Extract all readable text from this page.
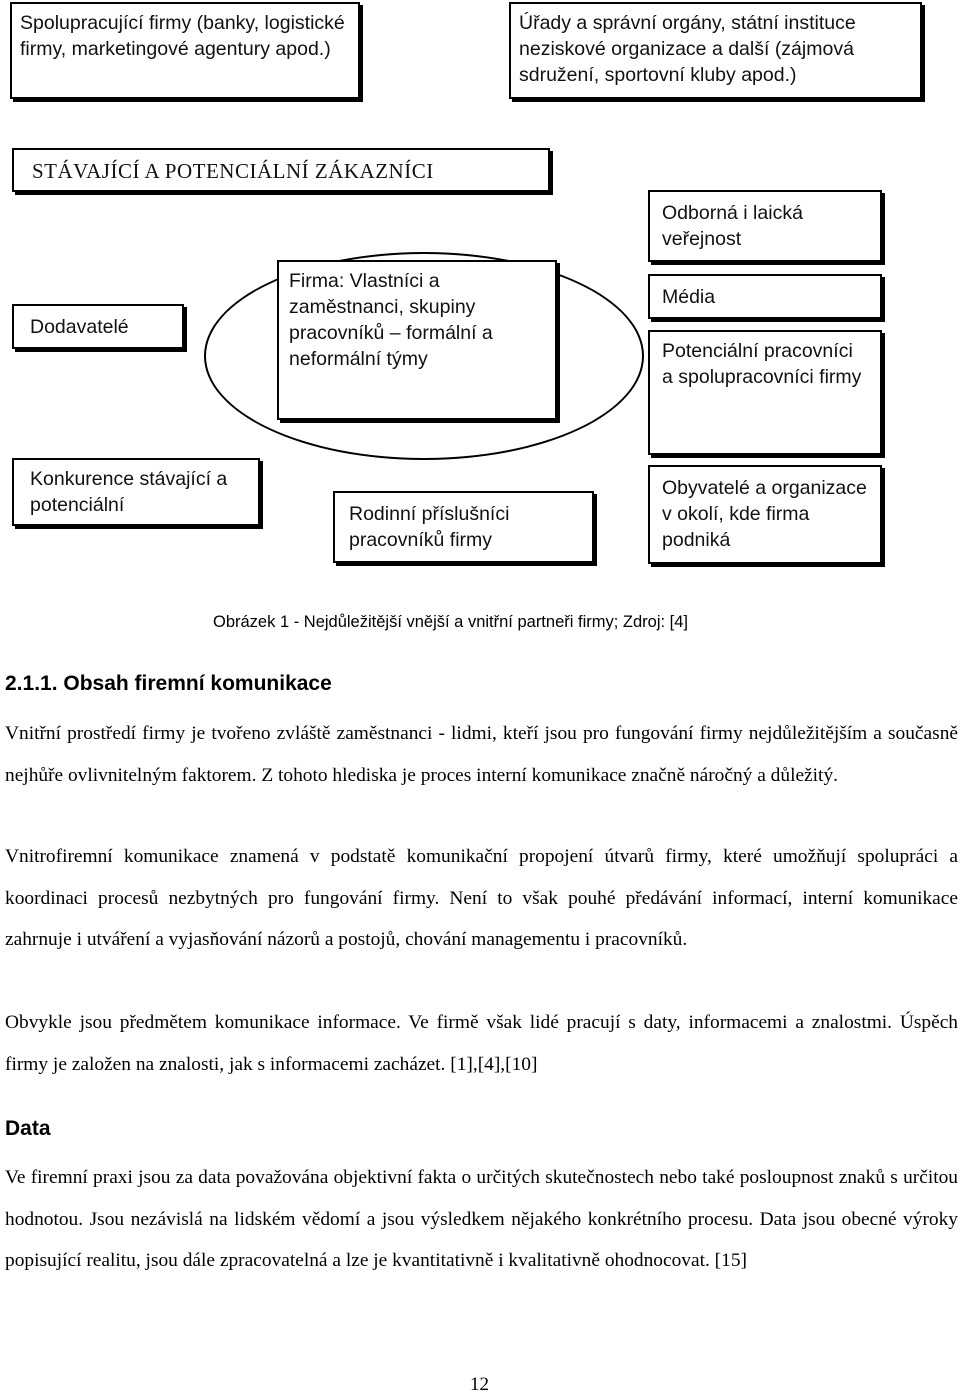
Spolupracující firmy (banky, logistické firmy, marketingové agentury apod.)
Úřady a správní orgány, státní instituce neziskové organizace a další (zájmová sdružení, sportovní kluby apod.)
STÁVAJÍCÍ A POTENCIÁLNÍ ZÁKAZNÍCI
Odborná i laická veřejnost
Dodavatelé
Firma: Vlastníci a zaměstnanci, skupiny pracovníků – formální a neformální týmy
Média
Potenciální pracovníci a spolupracovníci firmy
Konkurence stávající a potenciální	Rodinní příslušníci pracovníků firmy
Obyvatelé a organizace v okolí, kde firma podniká
Obrázek 1 - Nejdůležitější vnější a vnitřní partneři firmy; Zdroj: [4]
2.1.1. Obsah firemní komunikace

Vnitřní prostředí firmy je tvořeno zvláště zaměstnanci - lidmi, kteří jsou pro fungování firmy nejdůležitějším a současně nejhůře ovlivnitelným faktorem. Z tohoto hlediska je proces interní komunikace značně náročný a důležitý.

Vnitrofiremní komunikace znamená v podstatě komunikační propojení útvarů firmy, které umožňují spolupráci a koordinaci procesů nezbytných pro fungování firmy. Není to však pouhé předávání informací, interní komunikace zahrnuje i utváření a vyjasňování názorů a postojů, chování managementu i pracovníků.

Obvykle jsou předmětem komunikace informace. Ve firmě však lidé pracují s daty, informacemi a znalostmi. Úspěch firmy je založen na znalosti, jak s informacemi zacházet. [1],[4],[10]

Data

Ve firemní praxi jsou za data považována objektivní fakta o určitých skutečnostech nebo také posloupnost znaků s určitou hodnotou. Jsou nezávislá na lidském vědomí a jsou výsledkem nějakého konkrétního procesu. Data jsou obecné výroky popisující realitu, jsou dále zpracovatelná a lze je kvantitativně i kvalitativně ohodnocovat. [15]

12
